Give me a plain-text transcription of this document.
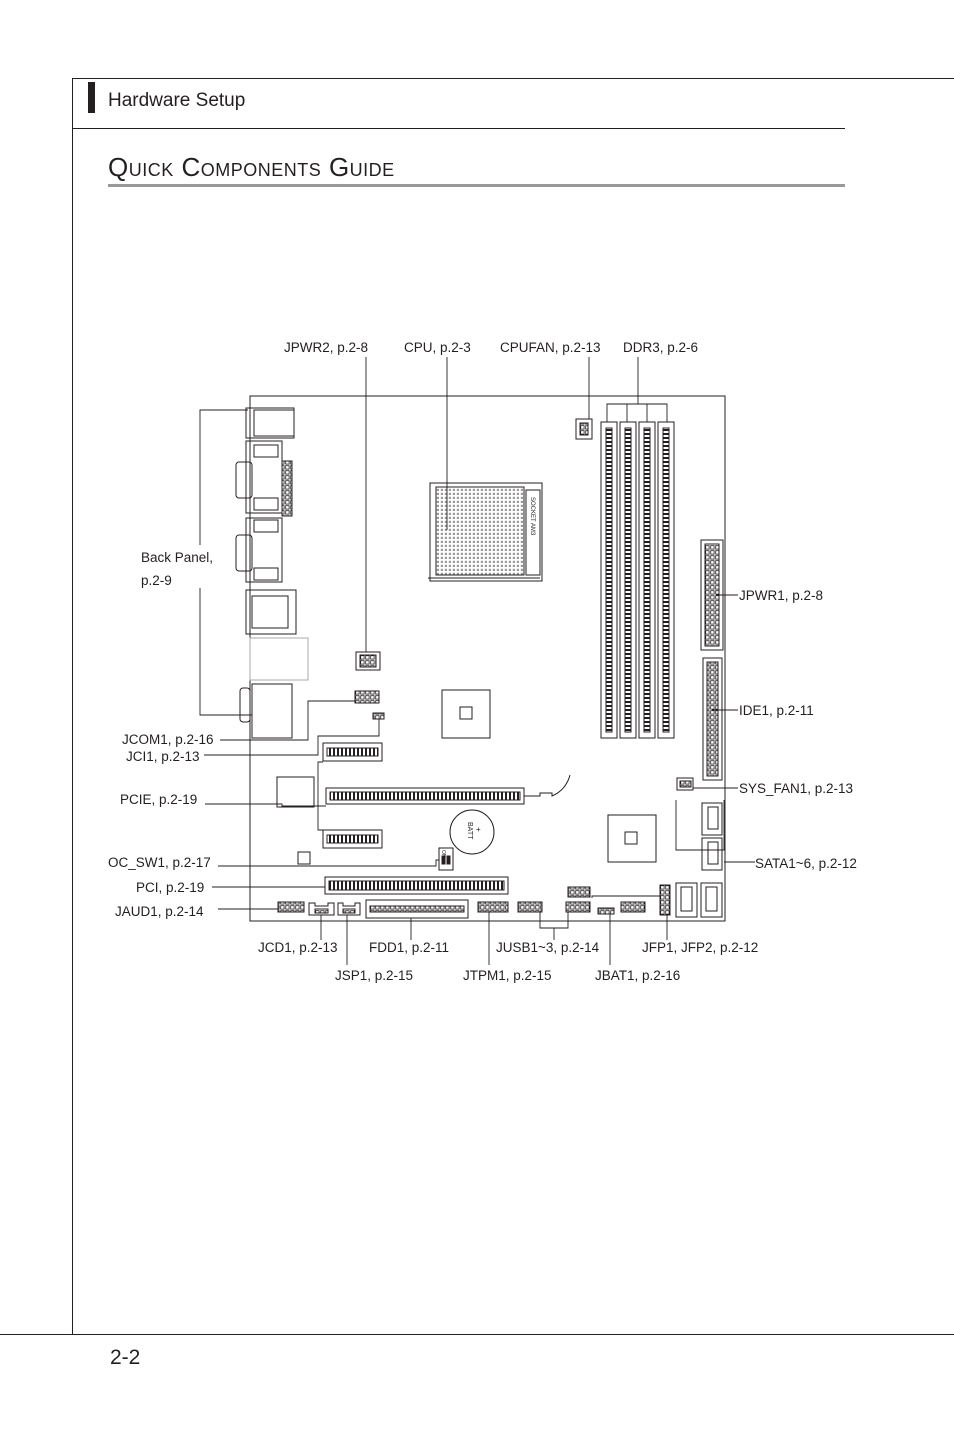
Hardware Setup
Quick Components Guide
2-2
SOCKET AM3
BATT +
ON
JPWR2, p.2-8	CPU, p.2-3 CPUFAN, p.2-13 DDR3, p.2-6
Back Panel,
p.2-9
JPWR1, p.2-8
IDE1, p.2-11
JCOM1, p.2-16
JCI1, p.2-13
SYS_FAN1, p.2-13
PCIE, p.2-19
OC_SW1, p.2-17	SATA1~6, p.2-12
PCI, p.2-19
JAUD1, p.2-14
JCD1, p.2-13 FDD1, p.2-11	JUSB1~3, p.2-14	JFP1, JFP2, p.2-12
JSP1, p.2-15	JTPM1, p.2-15	JBAT1, p.2-16
